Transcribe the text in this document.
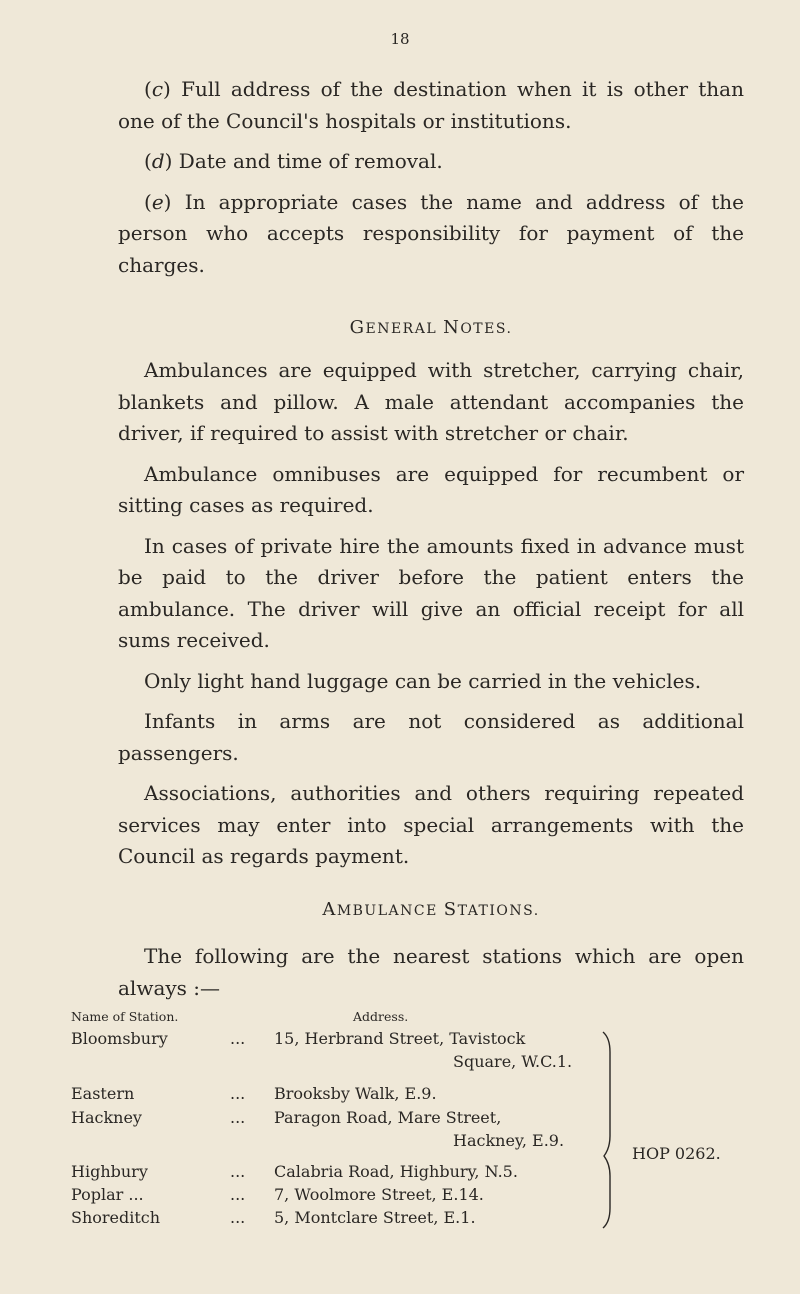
18

(c) Full address of the destination when it is other than one of the Council's hospitals or institutions.

(d) Date and time of removal.

(e) In appropriate cases the name and address of the person who accepts responsibility for payment of the charges.

GENERAL NOTES.

Ambulances are equipped with stretcher, carrying chair, blankets and pillow. A male attendant accompanies the driver, if required to assist with stretcher or chair.

Ambulance omnibuses are equipped for recumbent or sitting cases as required.

In cases of private hire the amounts fixed in advance must be paid to the driver before the patient enters the ambulance. The driver will give an official receipt for all sums received.

Only light hand luggage can be carried in the vehicles.

Infants in arms are not considered as additional passengers.

Associations, authorities and others requiring repeated services may enter into special arrangements with the Council as regards payment.

AMBULANCE STATIONS.

The following are the nearest stations which are open always :—

Name of Station.	Address.
Bloomsbury	... 15, Herbrand Street, Tavistock
Square, W.C.1.
Eastern	... Brooksby Walk, E.9.
Hackney	... Paragon Road, Mare Street,
Hackney, E.9.
Highbury	... Calabria Road, Highbury, N.5.
Poplar ...	... 7, Woolmore Street, E.14.
Shoreditch	... 5, Montclare Street, E.1.
HOP 0262.
